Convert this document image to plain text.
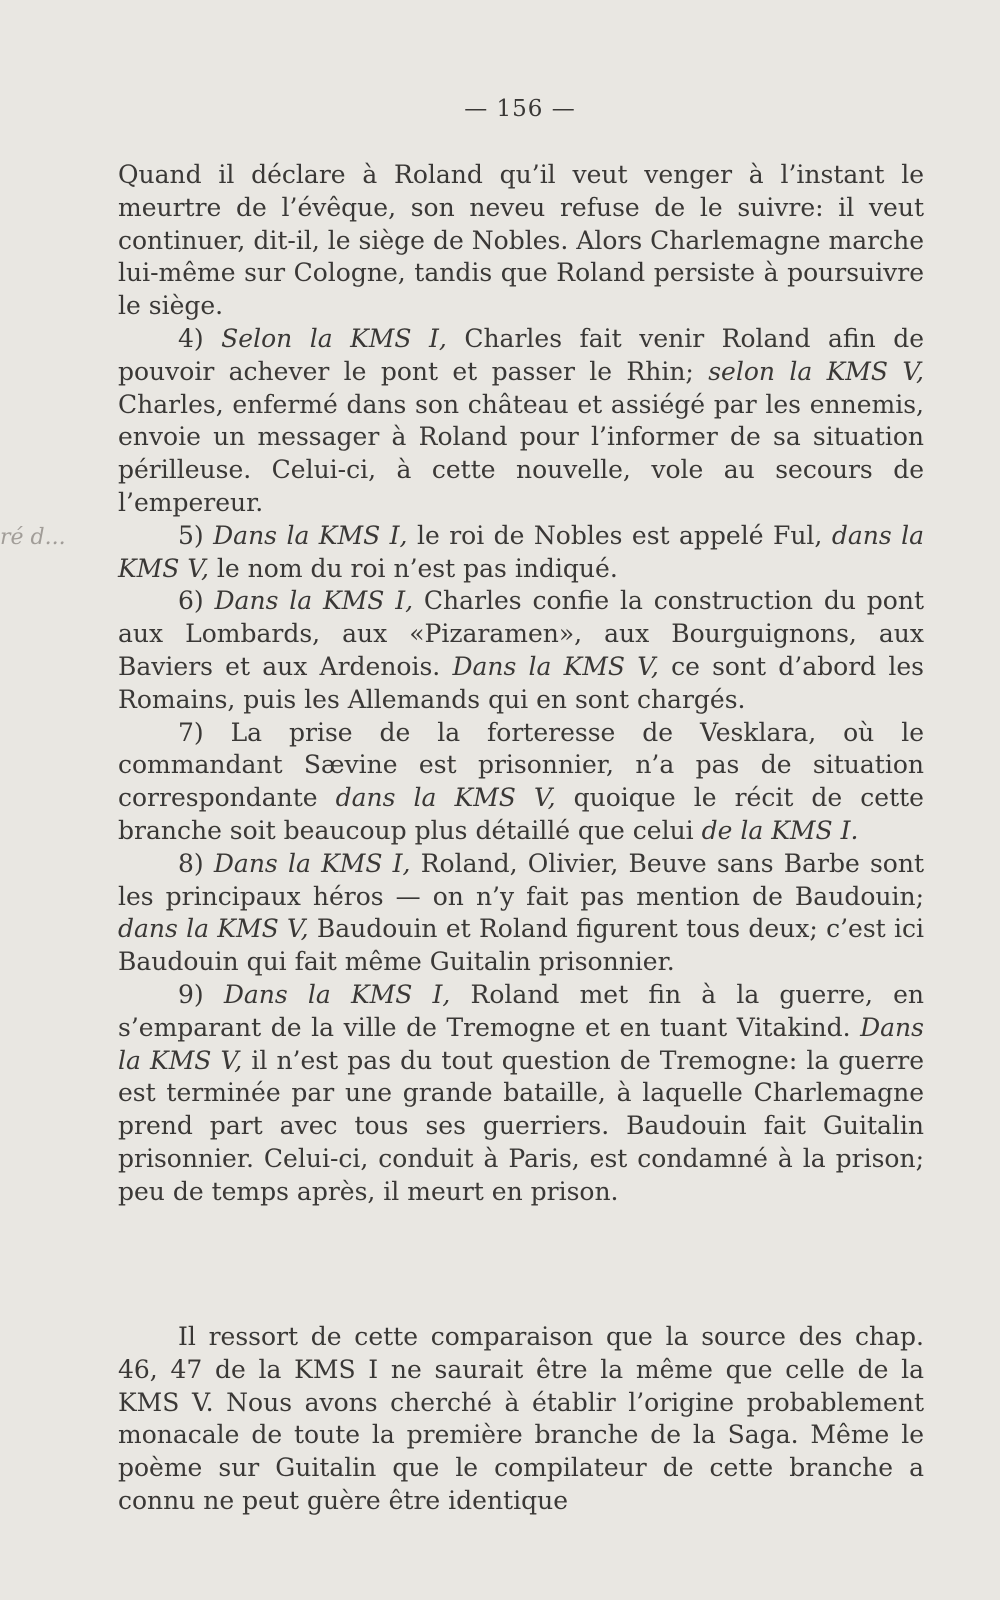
— 156 —
ré d...

Quand il déclare à Roland qu’il veut venger à l’instant le meurtre de l’évêque, son neveu refuse de le suivre: il veut continuer, dit-il, le siège de Nobles. Alors Charlemagne marche lui-même sur Cologne, tandis que Roland persiste à poursuivre le siège.

4) Selon la KMS I, Charles fait venir Roland afin de pouvoir achever le pont et passer le Rhin; selon la KMS V, Charles, enfermé dans son château et assiégé par les ennemis, envoie un messager à Roland pour l’informer de sa situation périlleuse. Celui-ci, à cette nouvelle, vole au secours de l’empereur.

5) Dans la KMS I, le roi de Nobles est appelé Ful, dans la KMS V, le nom du roi n’est pas indiqué.

6) Dans la KMS I, Charles confie la construction du pont aux Lombards, aux «Pizaramen», aux Bourguignons, aux Baviers et aux Ardenois. Dans la KMS V, ce sont d’abord les Romains, puis les Allemands qui en sont chargés.

7) La prise de la forteresse de Vesklara, où le commandant Sævine est prisonnier, n’a pas de situation correspondante dans la KMS V, quoique le récit de cette branche soit beaucoup plus détaillé que celui de la KMS I.

8) Dans la KMS I, Roland, Olivier, Beuve sans Barbe sont les principaux héros — on n’y fait pas mention de Baudouin; dans la KMS V, Baudouin et Roland figurent tous deux; c’est ici Baudouin qui fait même Guitalin prisonnier.

9) Dans la KMS I, Roland met fin à la guerre, en s’emparant de la ville de Tremogne et en tuant Vitakind. Dans la KMS V, il n’est pas du tout question de Tremogne: la guerre est terminée par une grande bataille, à laquelle Charlemagne prend part avec tous ses guerriers. Baudouin fait Guitalin prisonnier. Celui-ci, conduit à Paris, est condamné à la prison; peu de temps après, il meurt en prison.

Il ressort de cette comparaison que la source des chap. 46, 47 de la KMS I ne saurait être la même que celle de la KMS V. Nous avons cherché à établir l’origine probablement monacale de toute la première branche de la Saga. Même le poème sur Guitalin que le compilateur de cette branche a connu ne peut guère être identique
